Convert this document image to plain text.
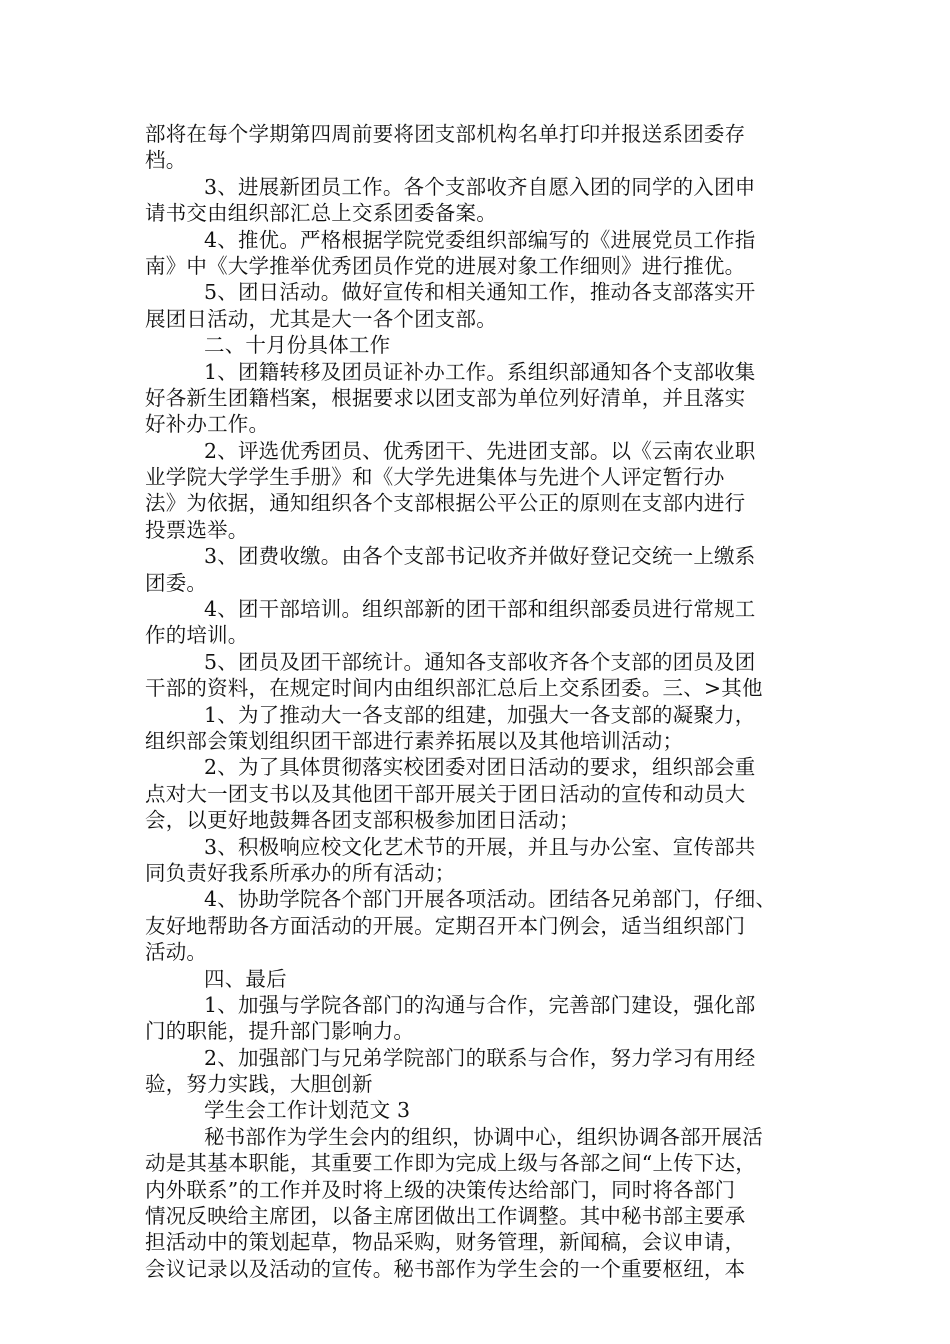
部将在每个学期第四周前要将团支部机构名单打印并报送系团委存
档。
3、进展新团员工作。各个支部收齐自愿入团的同学的入团申
请书交由组织部汇总上交系团委备案。
4、推优。严格根据学院党委组织部编写的《进展党员工作指
南》中《大学推举优秀团员作党的进展对象工作细则》进行推优。
5、团日活动。做好宣传和相关通知工作，推动各支部落实开
展团日活动，尤其是大一各个团支部。
二、十月份具体工作
1、团籍转移及团员证补办工作。系组织部通知各个支部收集
好各新生团籍档案，根据要求以团支部为单位列好清单，并且落实
好补办工作。
2、评选优秀团员、优秀团干、先进团支部。以《云南农业职
业学院大学学生手册》和《大学先进集体与先进个人评定暂行办
法》为依据，通知组织各个支部根据公平公正的原则在支部内进行
投票选举。
3、团费收缴。由各个支部书记收齐并做好登记交统一上缴系
团委。
4、团干部培训。组织部新的团干部和组织部委员进行常规工
作的培训。
5、团员及团干部统计。通知各支部收齐各个支部的团员及团
干部的资料，在规定时间内由组织部汇总后上交系团委。三、>其他
1、为了推动大一各支部的组建，加强大一各支部的凝聚力，
组织部会策划组织团干部进行素养拓展以及其他培训活动；
2、为了具体贯彻落实校团委对团日活动的要求，组织部会重
点对大一团支书以及其他团干部开展关于团日活动的宣传和动员大
会，以更好地鼓舞各团支部积极参加团日活动；
3、积极响应校文化艺术节的开展，并且与办公室、宣传部共
同负责好我系所承办的所有活动；
4、协助学院各个部门开展各项活动。团结各兄弟部门，仔细、
友好地帮助各方面活动的开展。定期召开本门例会，适当组织部门
活动。
四、最后
1、加强与学院各部门的沟通与合作，完善部门建设，强化部
门的职能，提升部门影响力。
2、加强部门与兄弟学院部门的联系与合作，努力学习有用经
验，努力实践，大胆创新
学生会工作计划范文 3
秘书部作为学生会内的组织，协调中心，组织协调各部开展活
动是其基本职能，其重要工作即为完成上级与各部之间“上传下达，
内外联系”的工作并及时将上级的决策传达给部门，同时将各部门
情况反映给主席团，以备主席团做出工作调整。其中秘书部主要承
担活动中的策划起草，物品采购，财务管理，新闻稿，会议申请，
会议记录以及活动的宣传。秘书部作为学生会的一个重要枢纽，本
